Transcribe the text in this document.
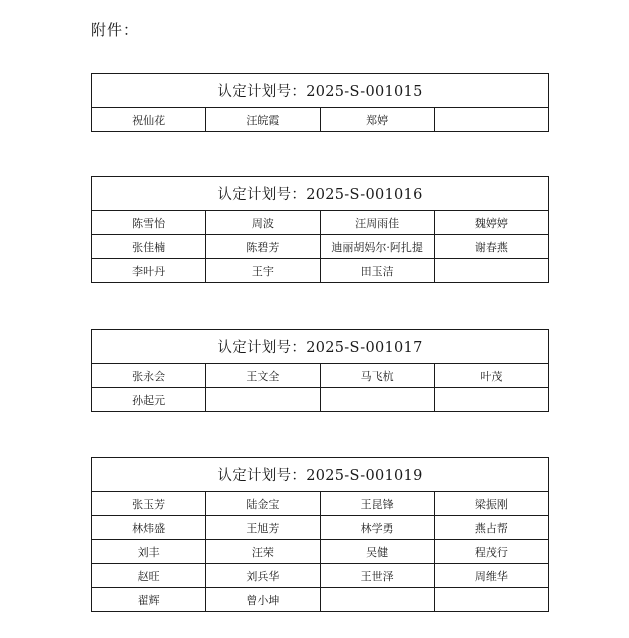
附件：
认定计划号：2025-S-001015
祝仙花	汪皖霞	郑婷	
认定计划号：2025-S-001016			
陈雪怡	周波	汪周雨佳	魏婷婷
张佳楠	陈碧芳	迪丽胡妈尔·阿扎提	谢春燕
李叶丹	王宇	田玉洁	
认定计划号：2025-S-001017			
张永会	王文全	马飞杭	叶茂
孙起元			
认定计划号：2025-S-001019			
张玉芳	陆金宝	王昆锋	梁振刚
林炜盛	王旭芳	林学勇	燕占帮
刘丰	汪荣	吴健	程茂行
赵旺	刘兵华	王世泽	周维华
翟辉	曾小坤		
